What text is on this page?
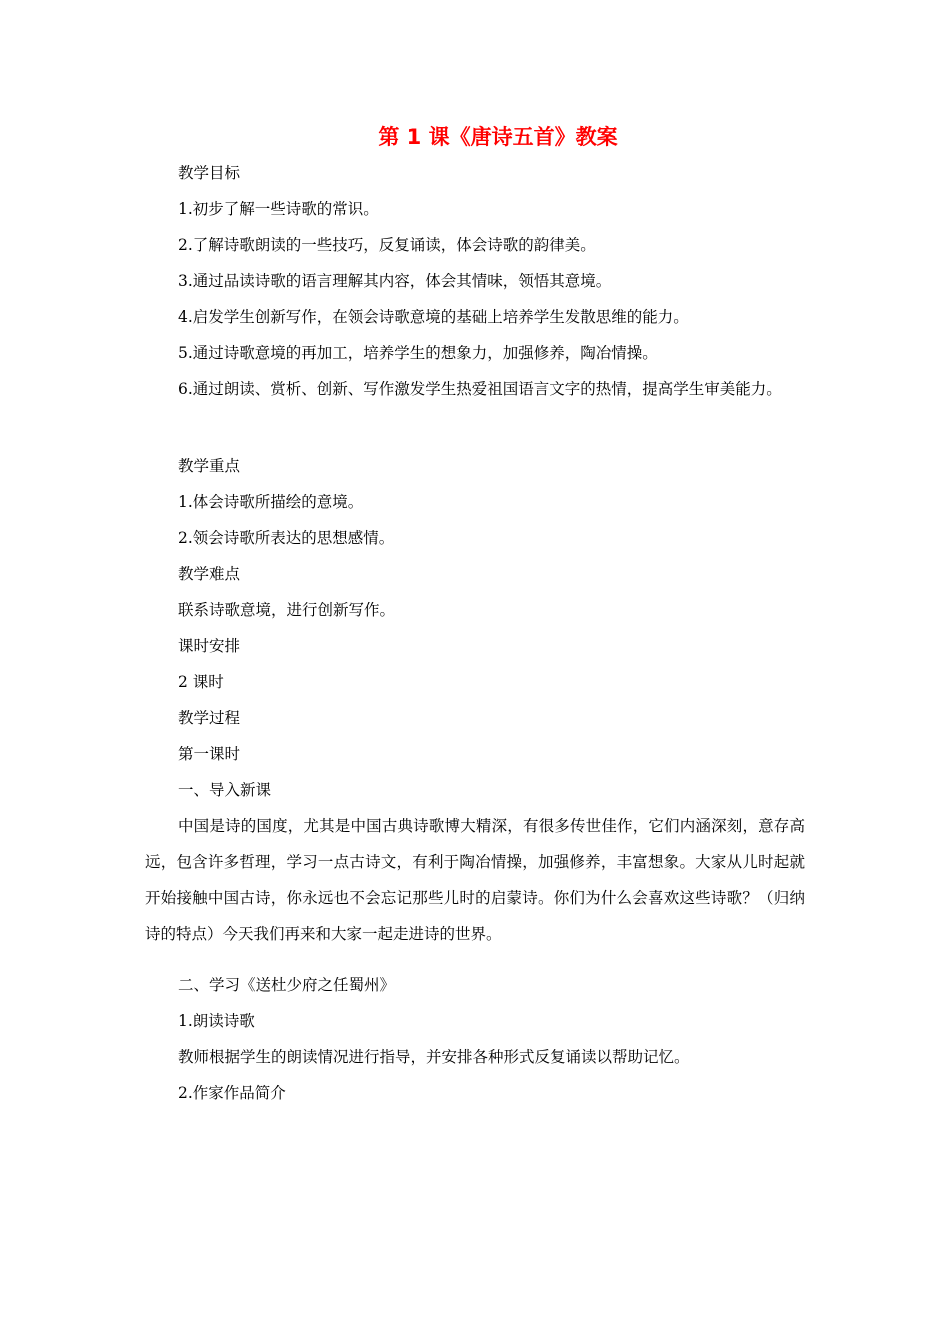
第 1 课《唐诗五首》教案
教学目标
1.初步了解一些诗歌的常识。
2.了解诗歌朗读的一些技巧，反复诵读，体会诗歌的韵律美。
3.通过品读诗歌的语言理解其内容，体会其情味，领悟其意境。
4.启发学生创新写作，在领会诗歌意境的基础上培养学生发散思维的能力。
5.通过诗歌意境的再加工，培养学生的想象力，加强修养，陶冶情操。
6.通过朗读、赏析、创新、写作激发学生热爱祖国语言文字的热情，提高学生审美能力。
教学重点
1.体会诗歌所描绘的意境。
2.领会诗歌所表达的思想感情。
教学难点
联系诗歌意境，进行创新写作。
课时安排
2 课时
教学过程
第一课时
一、导入新课
中国是诗的国度，尤其是中国古典诗歌博大精深，有很多传世佳作，它们内涵深刻，意存高远，包含许多哲理，学习一点古诗文，有利于陶冶情操，加强修养，丰富想象。大家从儿时起就开始接触中国古诗，你永远也不会忘记那些儿时的启蒙诗。你们为什么会喜欢这些诗歌？（归纳诗的特点）今天我们再来和大家一起走进诗的世界。
二、学习《送杜少府之任蜀州》
1.朗读诗歌
教师根据学生的朗读情况进行指导，并安排各种形式反复诵读以帮助记忆。
2.作家作品简介
